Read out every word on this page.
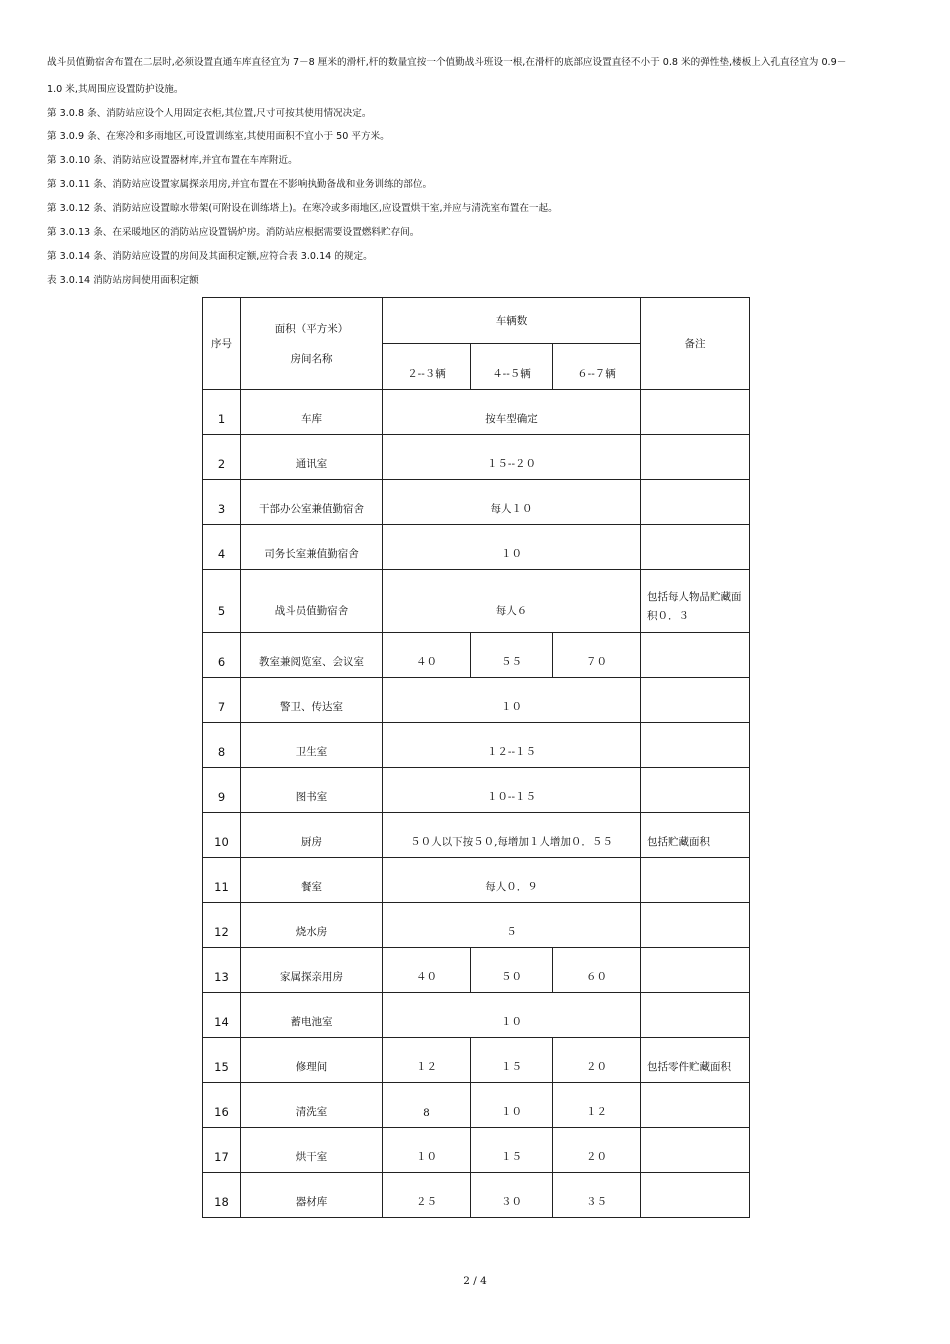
战斗员值勤宿舍布置在二层时,必须设置直通车库直径宜为 7－8 厘米的滑杆,杆的数量宜按一个值勤战斗班设一根,在滑杆的底部应设置直径不小于 0.8 米的弹性垫,楼板上入孔直径宜为 0.9－
1.0 米,其周围应设置防护设施。
第 3.0.8 条、消防站应设个人用固定衣柜,其位置,尺寸可按其使用情况决定。
第 3.0.9 条、在寒冷和多雨地区,可设置训练室,其使用面积不宜小于 50 平方米。
第 3.0.10 条、消防站应设置器材库,并宜布置在车库附近。
第 3.0.11 条、消防站应设置家属探亲用房,并宜布置在不影响执勤备战和业务训练的部位。
第 3.0.12 条、消防站应设置晾水带架(可附设在训练塔上)。在寒冷或多雨地区,应设置烘干室,并应与清洗室布置在一起。
第 3.0.13 条、在采暖地区的消防站应设置锅炉房。消防站应根据需要设置燃料贮存间。
第 3.0.14 条、消防站应设置的房间及其面积定额,应符合表 3.0.14 的规定。
表 3.0.14 消防站房间使用面积定额
序号	面积（平方米）
房间名称	车辆数			备注
		２--３辆	４--５辆	６--７辆	
1	车库	按车型确定			
2	通讯室	１５--２０			
3	干部办公室兼值勤宿舍	每人１０			
4	司务长室兼值勤宿舍	１０			
5	战斗员值勤宿舍	每人６			包括每人物品贮藏面积０．３
6	教室兼阅览室、会议室	４０	５５	７０	
7	警卫、传达室	１０			
8	卫生室	１２--１５			
9	图书室	１０--１５			
10	厨房	５０人以下按５０,每增加１人增加０．５５			包括贮藏面积
11	餐室	每人０．９			
12	烧水房	５			
13	家属探亲用房	４０	５０	６０	
14	蓄电池室	１０			
15	修理间	１２	１５	２０	包括零件贮藏面积
16	清洗室	8	１０	１２	
17	烘干室	１０	１５	２０	
18	器材库	２５	３０	３５	
2 / 4
